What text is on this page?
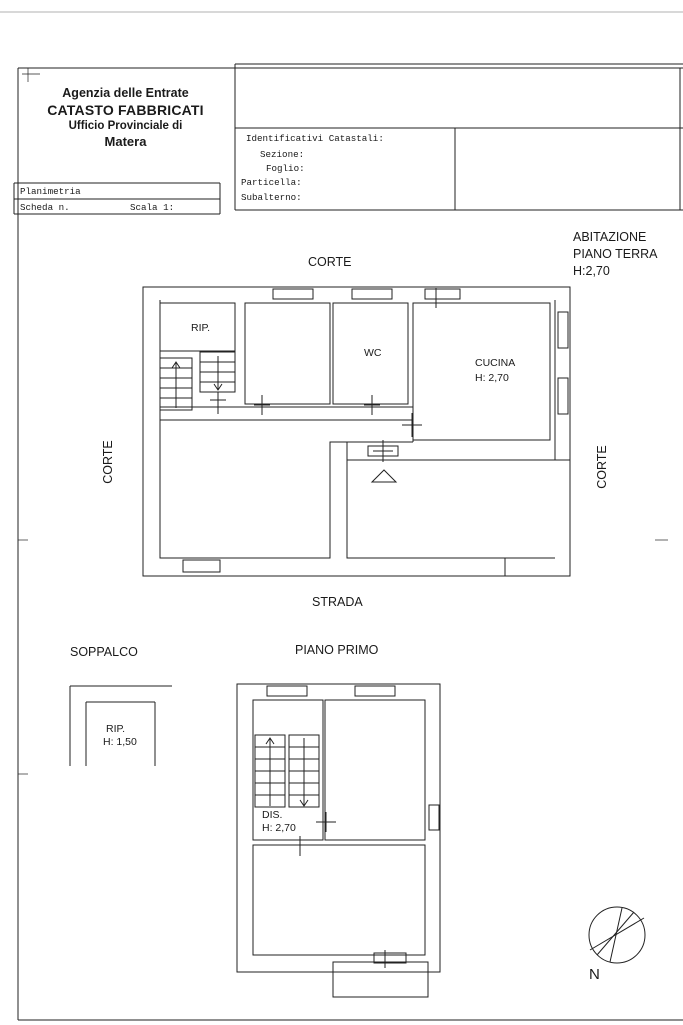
Agenzia delle Entrate
CATASTO FABBRICATI
Ufficio Provinciale di
Matera
Planimetria
Scheda n.	Scala 1:
Identificativi Catastali:
Sezione:
Foglio:
Particella:
Subalterno:
ABITAZIONE
PIANO TERRA
H:2,70
CORTE
CORTE	CORTE
STRADA
RIP.
WC
CUCINA
H: 2,70
SOPPALCO
RIP.
H: 1,50
PIANO PRIMO
DIS.
H: 2,70
N
